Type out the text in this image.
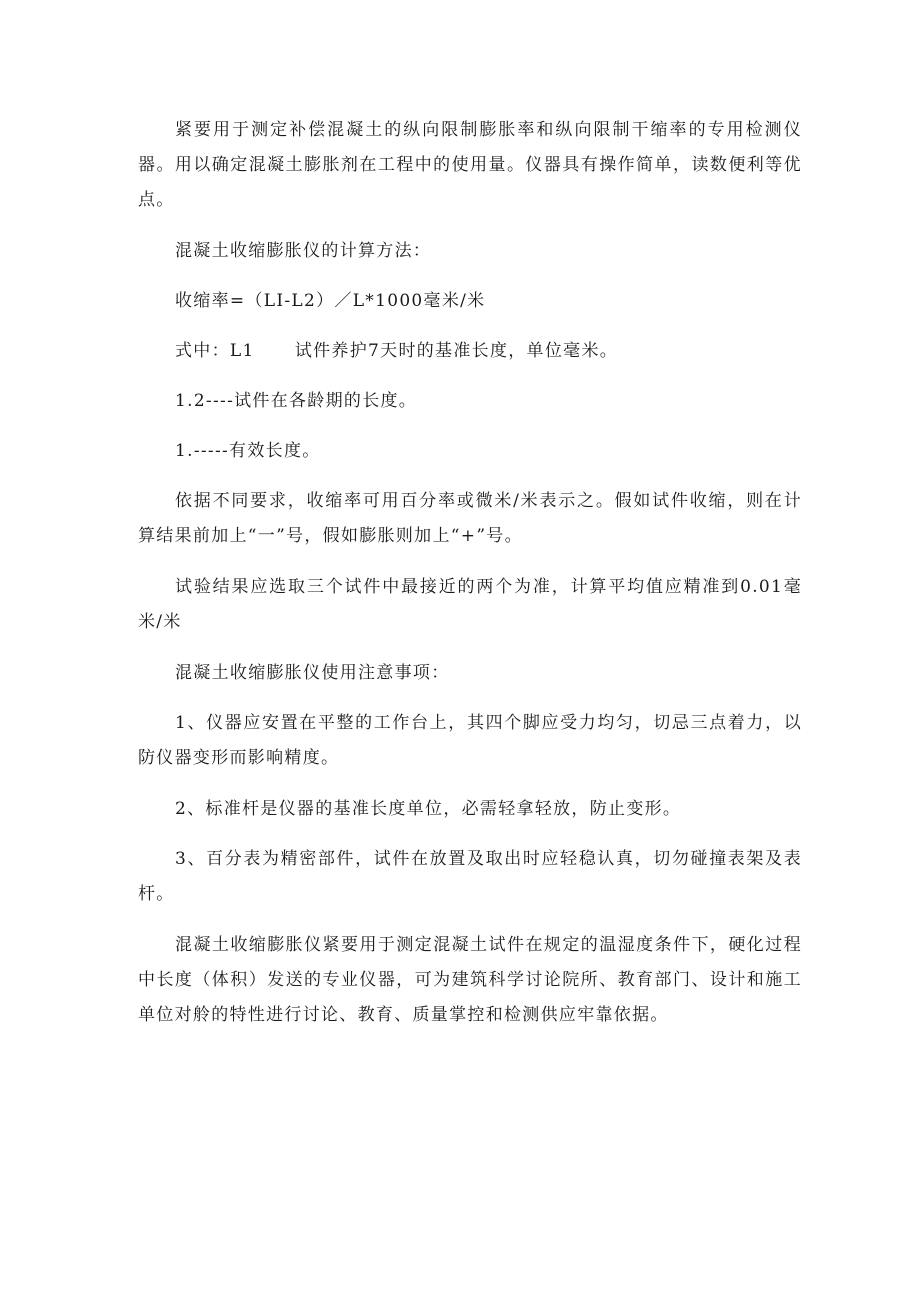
紧要用于测定补偿混凝土的纵向限制膨胀率和纵向限制干缩率的专用检测仪器。用以确定混凝土膨胀剂在工程中的使用量。仪器具有操作简单，读数便利等优点。

混凝土收缩膨胀仪的计算方法：

收缩率=（LI-L2）／L*1000毫米/米

式中：L1      试件养护7天时的基准长度，单位毫米。

1.2----试件在各龄期的长度。

1.-----有效长度。

依据不同要求，收缩率可用百分率或微米/米表示之。假如试件收缩，则在计算结果前加上“一”号，假如膨胀则加上“+”号。

试验结果应选取三个试件中最接近的两个为准，计算平均值应精准到0.01毫米/米

混凝土收缩膨胀仪使用注意事项：

1、仪器应安置在平整的工作台上，其四个脚应受力均匀，切忌三点着力，以防仪器变形而影响精度。

2、标准杆是仪器的基准长度单位，必需轻拿轻放，防止变形。

3、百分表为精密部件，试件在放置及取出时应轻稳认真，切勿碰撞表架及表杆。

混凝土收缩膨胀仪紧要用于测定混凝土试件在规定的温湿度条件下，硬化过程中长度（体积）发送的专业仪器，可为建筑科学讨论院所、教育部门、设计和施工单位对舲的特性进行讨论、教育、质量掌控和检测供应牢靠依据。
